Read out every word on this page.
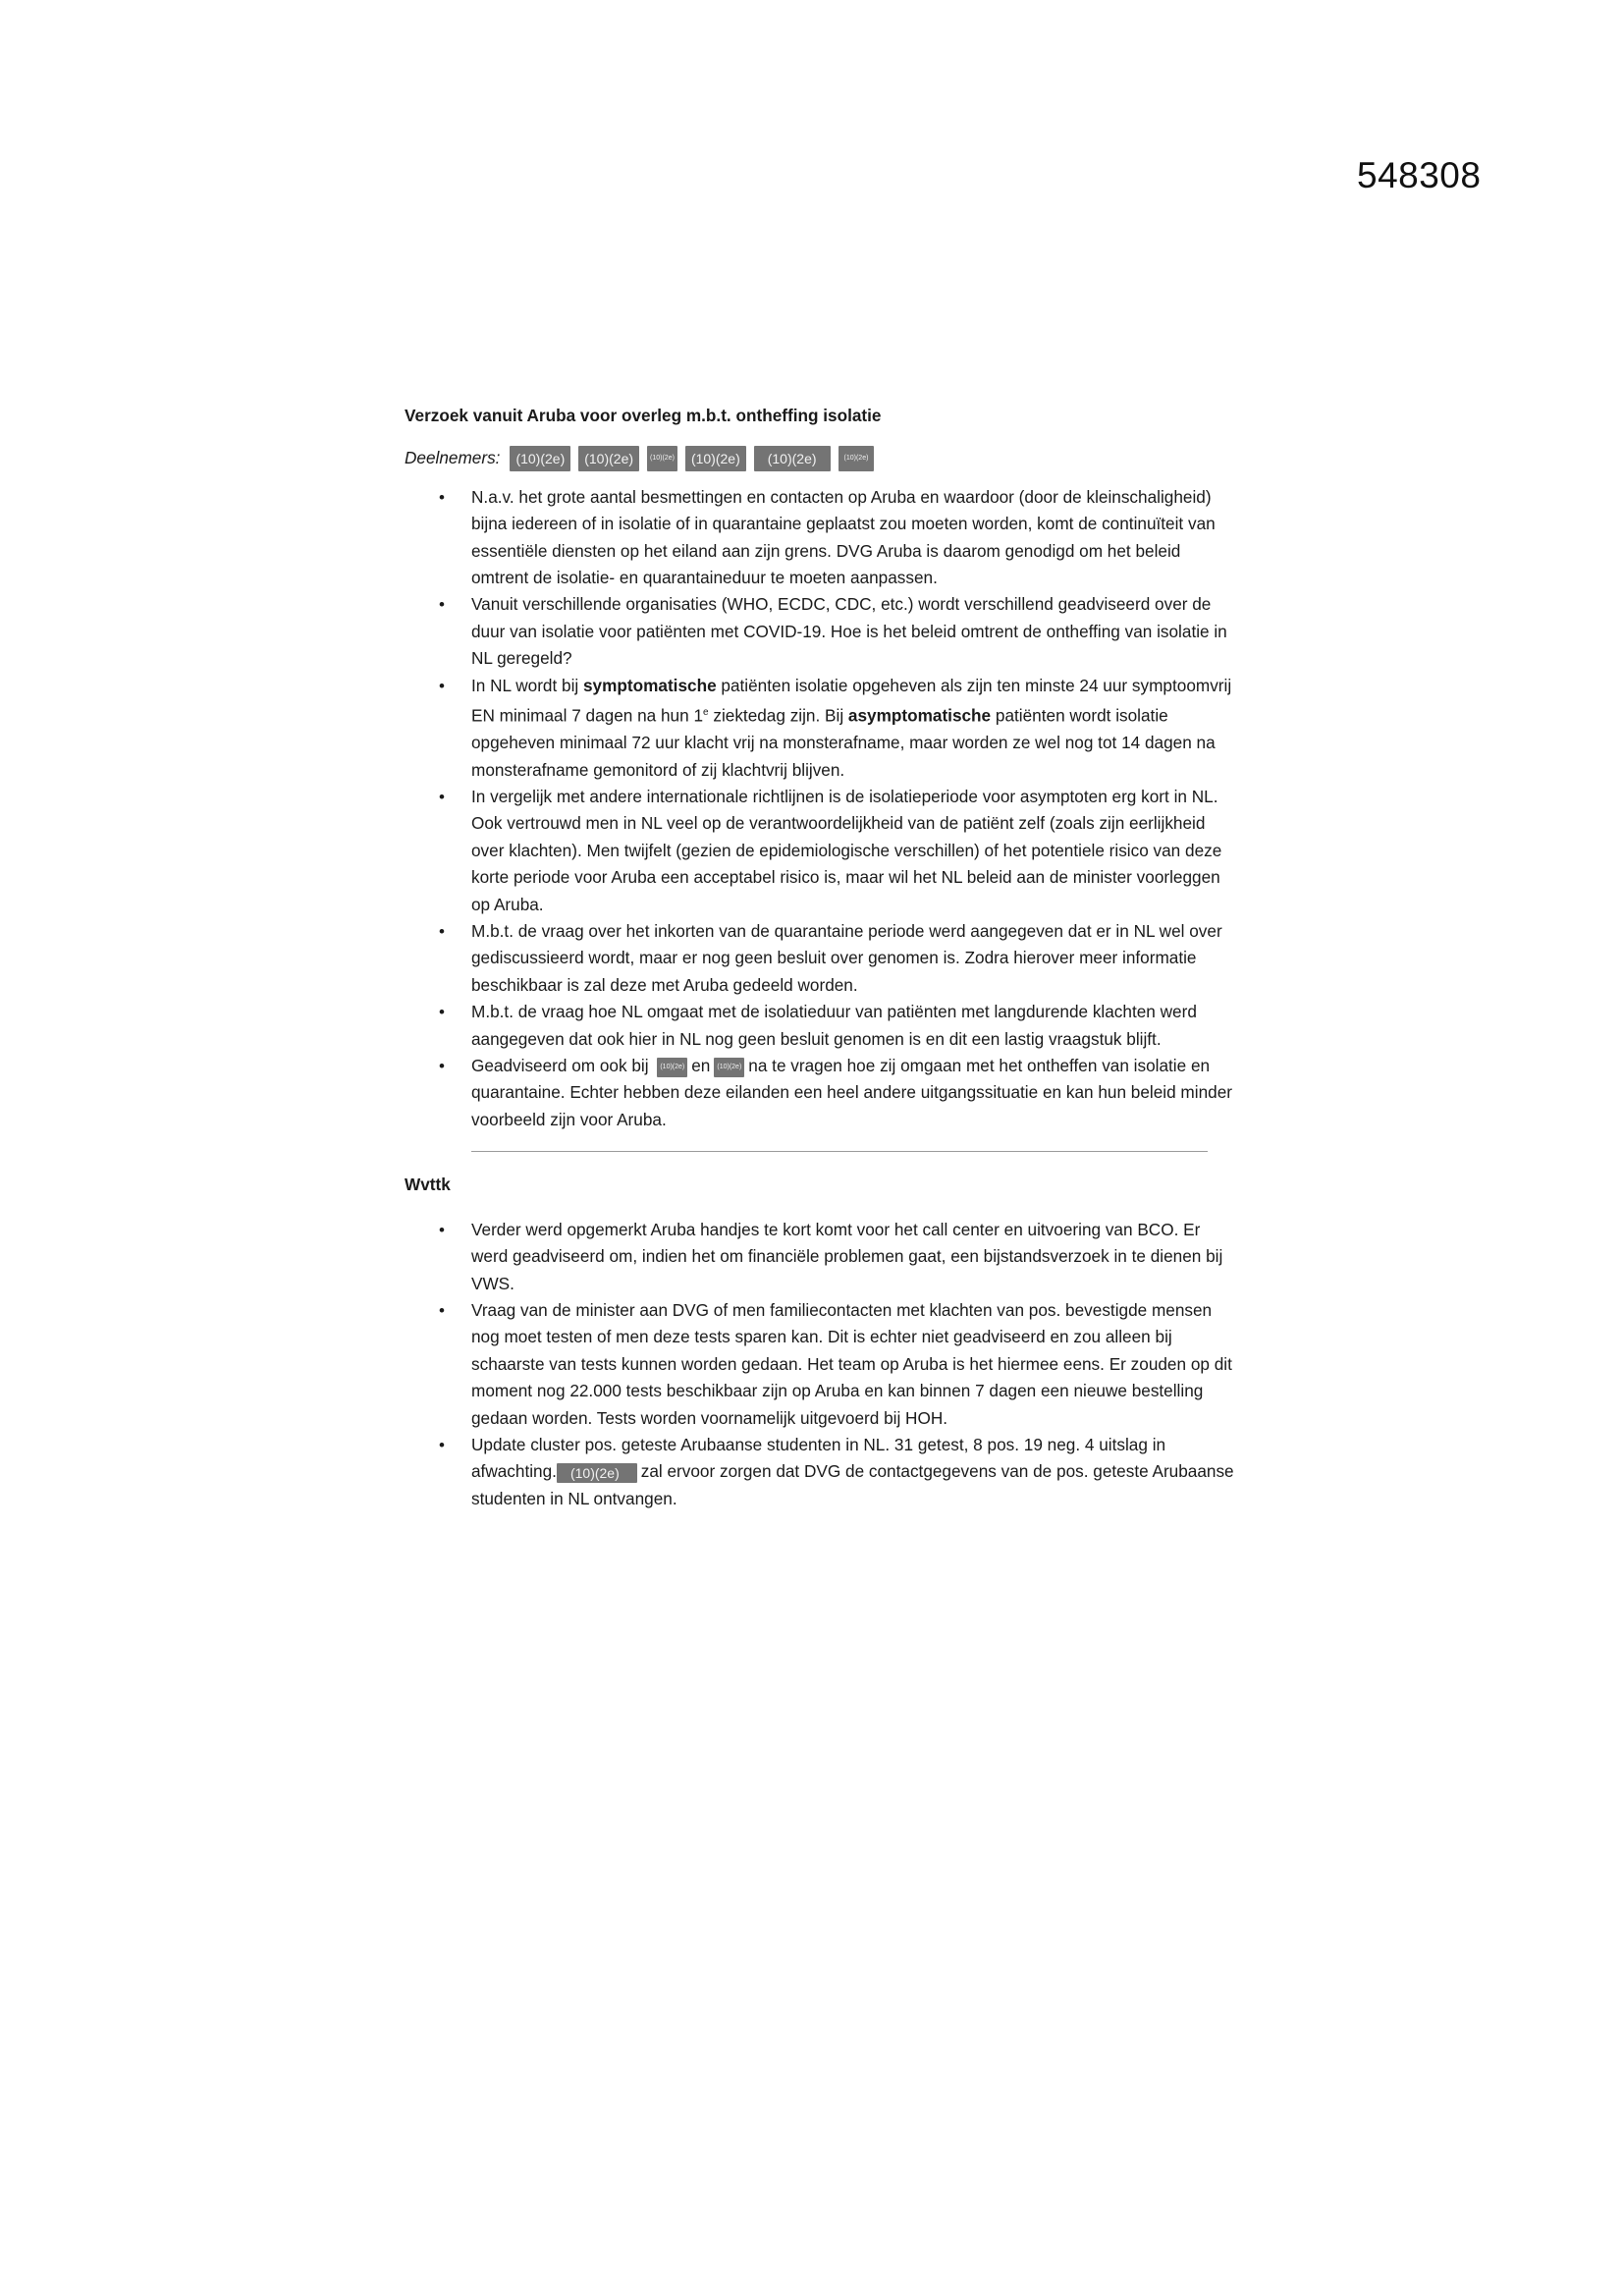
548308
Verzoek vanuit Aruba voor overleg m.b.t. ontheffing isolatie
Deelnemers:	(10)(2e)	(10)(2e)	(10)(2e)	(10)(2e)	(10)(2e)	(10)(2e)
• N.a.v. het grote aantal besmettingen en contacten op Aruba en waardoor (door de kleinschaligheid) bijna iedereen of in isolatie of in quarantaine geplaatst zou moeten worden, komt de continuïteit van essentiële diensten op het eiland aan zijn grens. DVG Aruba is daarom genodigd om het beleid omtrent de isolatie- en quarantaineduur te moeten aanpassen.
• Vanuit verschillende organisaties (WHO, ECDC, CDC, etc.) wordt verschillend geadviseerd over de duur van isolatie voor patiënten met COVID-19. Hoe is het beleid omtrent de ontheffing van isolatie in NL geregeld?
• In NL wordt bij symptomatische patiënten isolatie opgeheven als zijn ten minste 24 uur symptoomvrij EN minimaal 7 dagen na hun 1e ziektedag zijn. Bij asymptomatische patiënten wordt isolatie opgeheven minimaal 72 uur klacht vrij na monsterafname, maar worden ze wel nog tot 14 dagen na monsterafname gemonitord of zij klachtvrij blijven.
• In vergelijk met andere internationale richtlijnen is de isolatieperiode voor asymptoten erg kort in NL. Ook vertrouwd men in NL veel op de verantwoordelijkheid van de patiënt zelf (zoals zijn eerlijkheid over klachten). Men twijfelt (gezien de epidemiologische verschillen) of het potentiele risico van deze korte periode voor Aruba een acceptabel risico is, maar wil het NL beleid aan de minister voorleggen op Aruba.
• M.b.t. de vraag over het inkorten van de quarantaine periode werd aangegeven dat er in NL wel over gediscussieerd wordt, maar er nog geen besluit over genomen is. Zodra hierover meer informatie beschikbaar is zal deze met Aruba gedeeld worden.
• M.b.t. de vraag hoe NL omgaat met de isolatieduur van patiënten met langdurende klachten werd aangegeven dat ook hier in NL nog geen besluit genomen is en dit een lastig vraagstuk blijft.
• Geadviseerd om ook bij (10)(2e) en (10)(2e) na te vragen hoe zij omgaan met het ontheffen van isolatie en quarantaine. Echter hebben deze eilanden een heel andere uitgangssituatie en kan hun beleid minder voorbeeld zijn voor Aruba.
Wvttk
• Verder werd opgemerkt Aruba handjes te kort komt voor het call center en uitvoering van BCO. Er werd geadviseerd om, indien het om financiële problemen gaat, een bijstandsverzoek in te dienen bij VWS.
• Vraag van de minister aan DVG of men familiecontacten met klachten van pos. bevestigde mensen nog moet testen of men deze tests sparen kan. Dit is echter niet geadviseerd en zou alleen bij schaarste van tests kunnen worden gedaan. Het team op Aruba is het hiermee eens. Er zouden op dit moment nog 22.000 tests beschikbaar zijn op Aruba en kan binnen 7 dagen een nieuwe bestelling gedaan worden. Tests worden voornamelijk uitgevoerd bij HOH.
• Update cluster pos. geteste Arubaanse studenten in NL. 31 getest, 8 pos. 19 neg. 4 uitslag in afwachting. (10)(2e) zal ervoor zorgen dat DVG de contactgegevens van de pos. geteste Arubaanse studenten in NL ontvangen.
